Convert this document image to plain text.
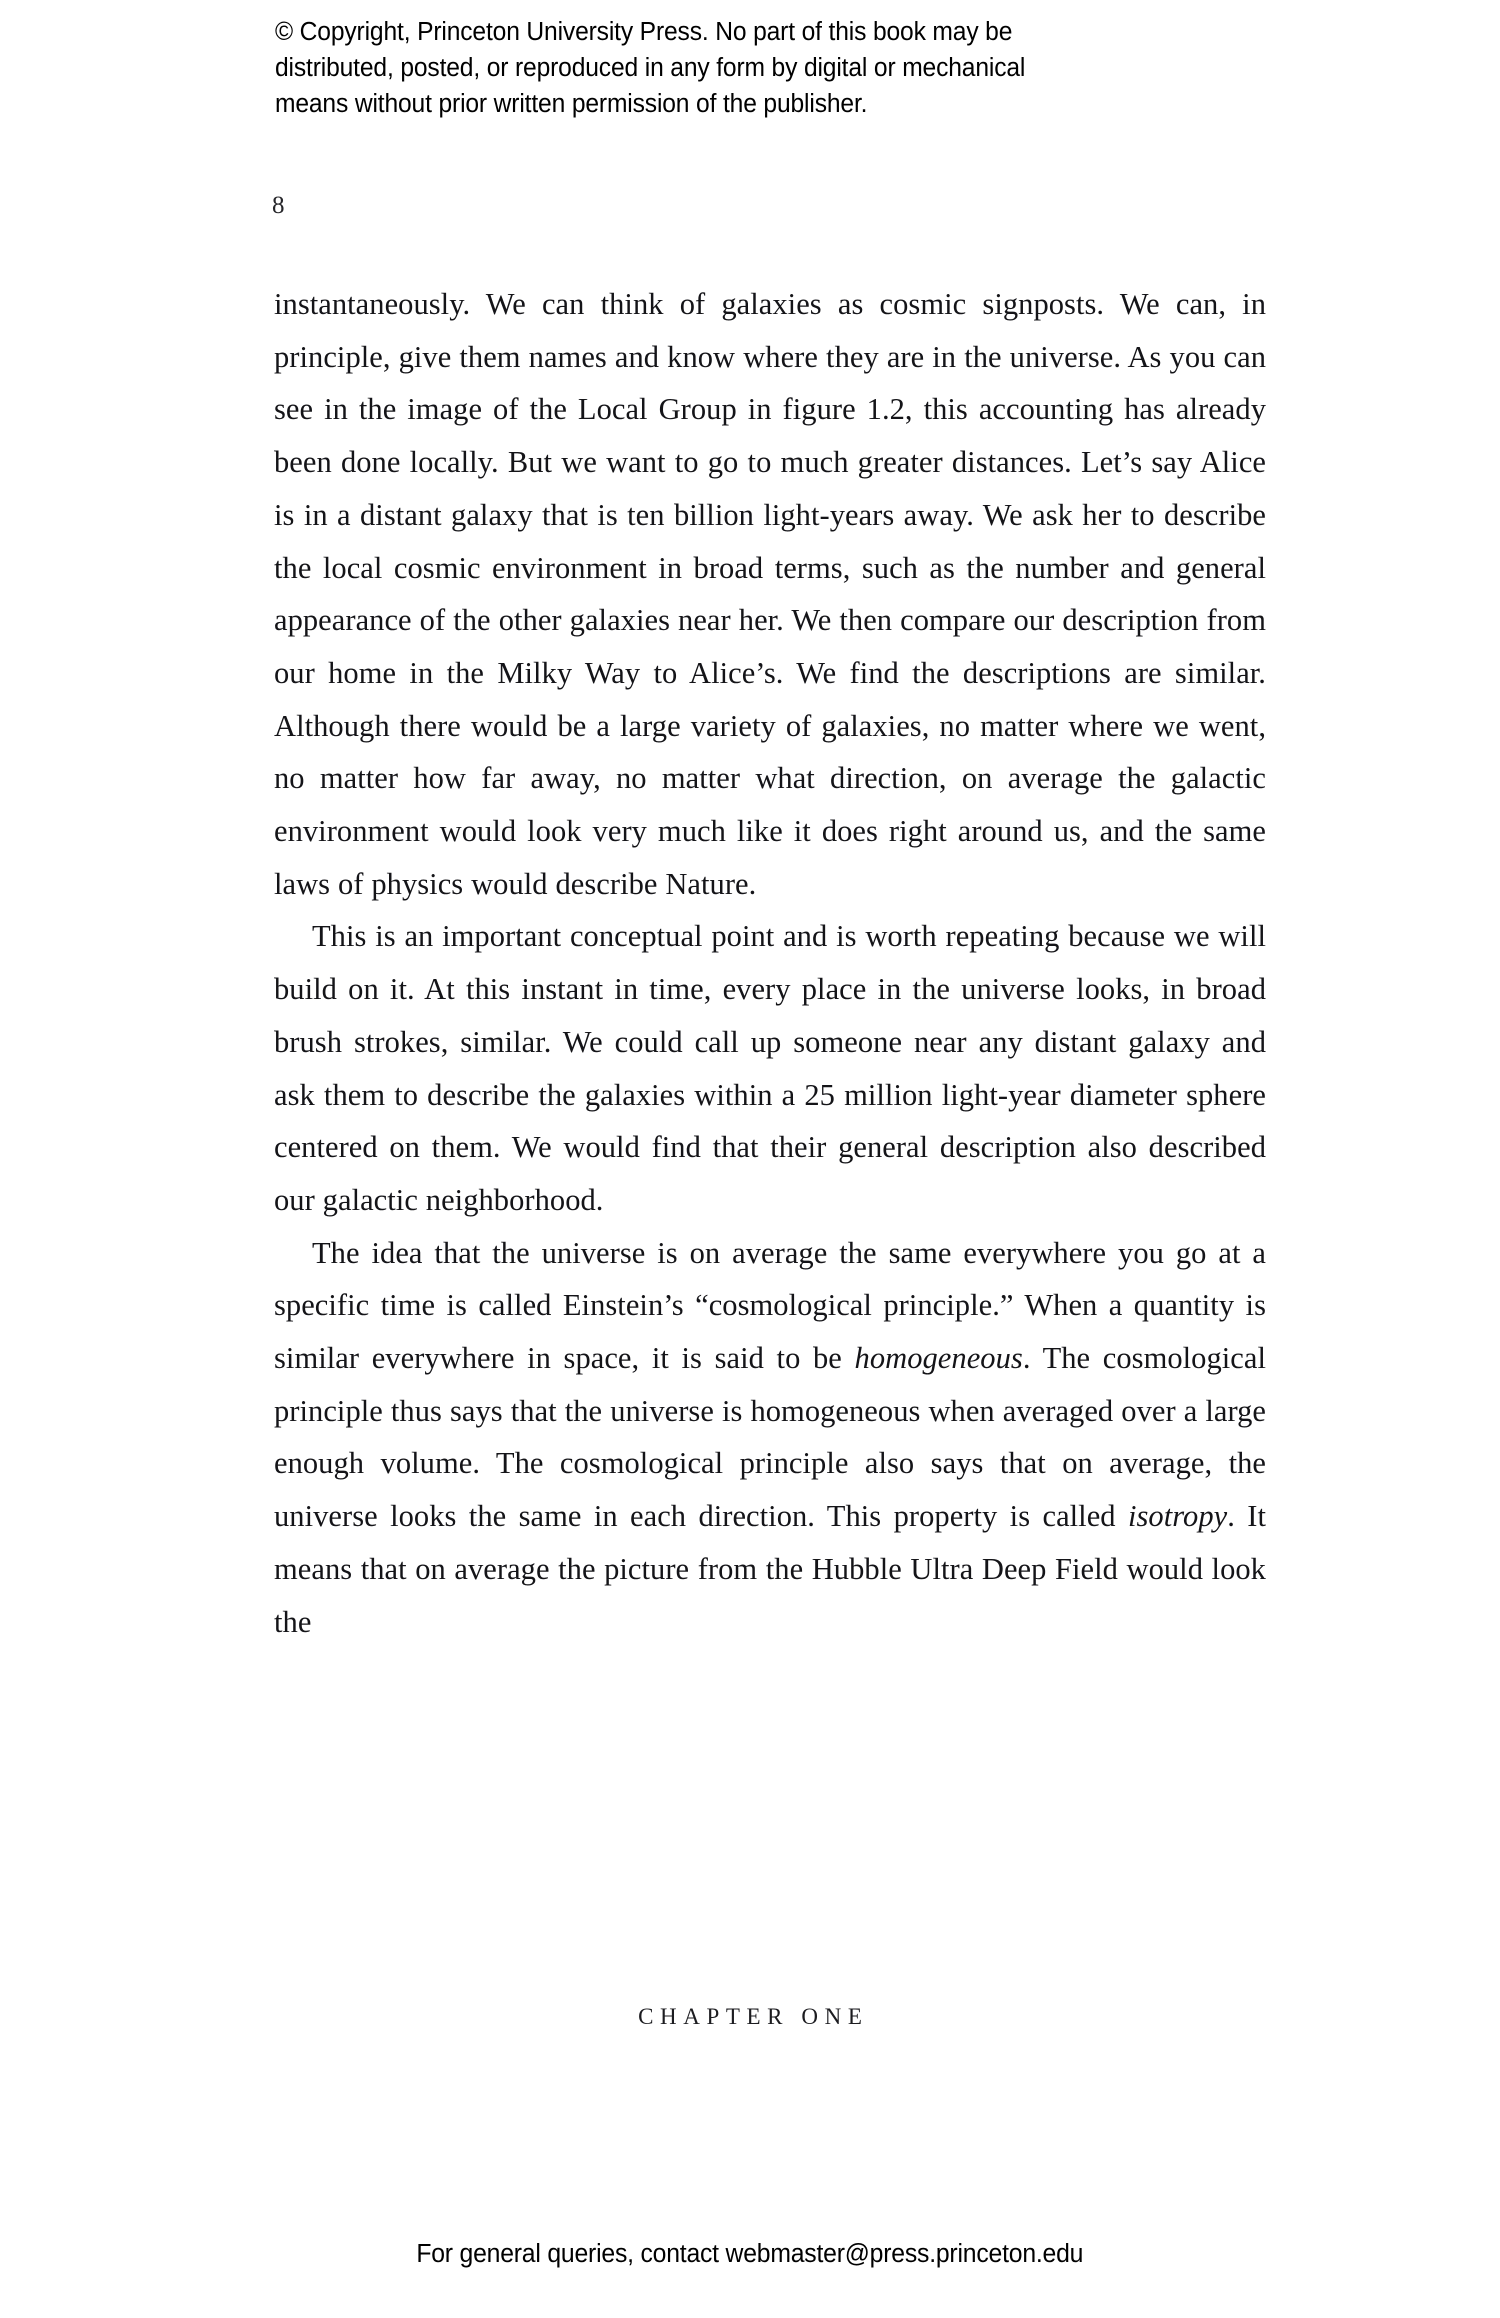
© Copyright, Princeton University Press. No part of this book may be
distributed, posted, or reproduced in any form by digital or mechanical
means without prior written permission of the publisher.
8

instantaneously. We can think of galaxies as cosmic signposts. We can, in principle, give them names and know where they are in the universe. As you can see in the image of the Local Group in figure 1.2, this accounting has already been done locally. But we want to go to much greater distances. Let’s say Alice is in a distant galaxy that is ten billion light-years away. We ask her to describe the local cosmic environment in broad terms, such as the number and general appearance of the other galaxies near her. We then compare our description from our home in the Milky Way to Alice’s. We find the descriptions are similar. Although there would be a large variety of galaxies, no matter where we went, no matter how far away, no matter what direction, on average the galactic environment would look very much like it does right around us, and the same laws of physics would describe Nature.

This is an important conceptual point and is worth repeating because we will build on it. At this instant in time, every place in the universe looks, in broad brush strokes, similar. We could call up someone near any distant galaxy and ask them to describe the galaxies within a 25 million light-year diameter sphere centered on them. We would find that their general description also described our galactic neighborhood.

The idea that the universe is on average the same everywhere you go at a specific time is called Einstein’s “cosmological principle.” When a quantity is similar everywhere in space, it is said to be homogeneous. The cosmological principle thus says that the universe is homogeneous when averaged over a large enough volume. The cosmological principle also says that on average, the universe looks the same in each direction. This property is called isotropy. It means that on average the picture from the Hubble Ultra Deep Field would look the

CHAPTER ONE
For general queries, contact webmaster@press.princeton.edu
